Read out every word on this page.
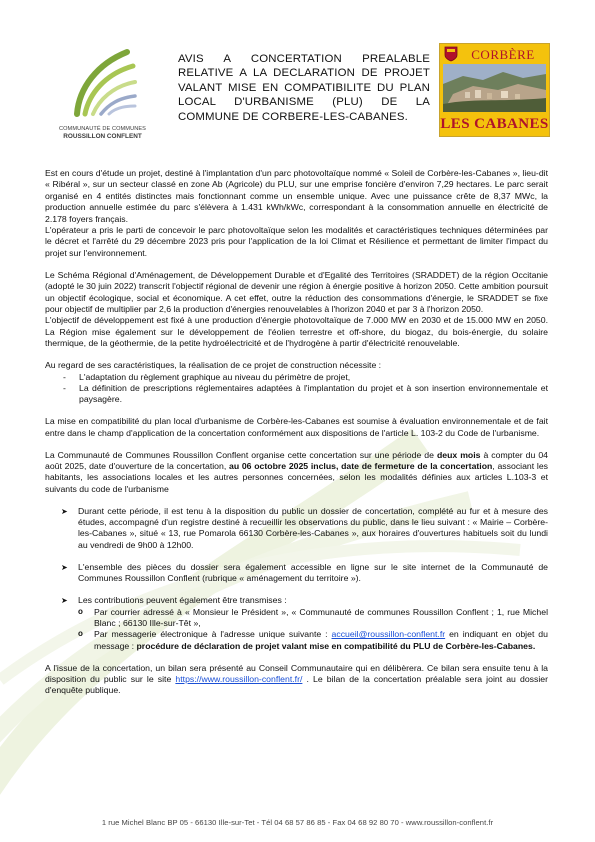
COMMUNAUTÉ DE COMMUNES
ROUSSILLON CONFLENT
AVIS A CONCERTATION PREALABLE RELATIVE A LA DECLARATION DE PROJET VALANT MISE EN COMPATIBILITE DU PLAN LOCAL D'URBANISME (PLU) DE LA COMMUNE DE CORBERE-LES-CABANES.
CORBÈRE
LES CABANES

Est en cours d'étude un projet, destiné à l'implantation d'un parc photovoltaïque nommé « Soleil de Corbère-les-Cabanes », lieu-dit « Ribéral », sur un secteur classé en zone Ab (Agricole) du PLU, sur une emprise foncière d'environ 7,29 hectares. Le parc serait organisé en 4 entités distinctes mais fonctionnant comme un ensemble unique. Avec une puissance crête de 8,37 MWc, la production annuelle estimée du parc s'élèvera à 1.431 kWh/kWc, correspondant à la consommation annuelle en électricité de 2.178 foyers français.

L'opérateur a pris le parti de concevoir le parc photovoltaïque selon les modalités et caractéristiques techniques déterminées par le décret et l'arrêté du 29 décembre 2023 pris pour l'application de la loi Climat et Résilience et permettant de limiter l'impact du projet sur l'environnement.

Le Schéma Régional d'Aménagement, de Développement Durable et d'Egalité des Territoires (SRADDET) de la région Occitanie (adopté le 30 juin 2022) transcrit l'objectif régional de devenir une région à énergie positive à horizon 2050. Cette ambition poursuit un objectif écologique, social et économique. A cet effet, outre la réduction des consommations d'énergie, le SRADDET se fixe pour objectif de multiplier par 2,6 la production d'énergies renouvelables à l'horizon 2040 et par 3 à l'horizon 2050.

L'objectif de développement est fixé à une production d'énergie photovoltaïque de 7.000 MW en 2030 et de 15.000 MW en 2050. La Région mise également sur le développement de l'éolien terrestre et off-shore, du biogaz, du bois-énergie, du solaire thermique, de la géothermie, de la petite hydroélectricité et de l'hydrogène à partir d'électricité renouvelable.

Au regard de ses caractéristiques, la réalisation de ce projet de construction nécessite :

- L'adaptation du règlement graphique au niveau du périmètre de projet,
- La définition de prescriptions réglementaires adaptées à l'implantation du projet et à son insertion environnementale et paysagère.

La mise en compatibilité du plan local d'urbanisme de Corbère-les-Cabanes est soumise à évaluation environnementale et de fait entre dans le champ d'application de la concertation conformément aux dispositions de l'article L. 103-2 du Code de l'urbanisme.

La Communauté de Communes Roussillon Conflent organise cette concertation sur une période de deux mois à compter du 04 août 2025, date d'ouverture de la concertation, au 06 octobre 2025 inclus, date de fermeture de la concertation, associant les habitants, les associations locales et les autres personnes concernées, selon les modalités définies aux articles L.103-3 et suivants du code de l'urbanisme

➤ Durant cette période, il est tenu à la disposition du public un dossier de concertation, complété au fur et à mesure des études, accompagné d'un registre destiné à recueillir les observations du public, dans le lieu suivant : « Mairie – Corbère-les-Cabanes », situé « 13, rue Pomarola 66130 Corbère-les-Cabanes », aux horaires d'ouvertures habituels soit du lundi au vendredi de 9h00 à 12h00.
➤ L'ensemble des pièces du dossier sera également accessible en ligne sur le site internet de la Communauté de Communes Roussillon Conflent (rubrique « aménagement du territoire »).
➤ Les contributions peuvent également être transmises :
o Par courrier adressé à « Monsieur le Président », « Communauté de communes Roussillon Conflent ; 1, rue Michel Blanc ; 66130 Ille-sur-Têt »,
o Par messagerie électronique à l'adresse unique suivante : accueil@roussillon-conflent.fr en indiquant en objet du message : procédure de déclaration de projet valant mise en compatibilité du PLU de Corbère-les-Cabanes.

A l'issue de la concertation, un bilan sera présenté au Conseil Communautaire qui en délibèrera. Ce bilan sera ensuite tenu à la disposition du public sur le site https://www.roussillon-conflent.fr/ . Le bilan de la concertation préalable sera joint au dossier d'enquête publique.

1 rue Michel Blanc BP 05 - 66130 Ille-sur-Tet - Tél 04 68 57 86 85 - Fax 04 68 92 80 70 - www.roussillon-conflent.fr
